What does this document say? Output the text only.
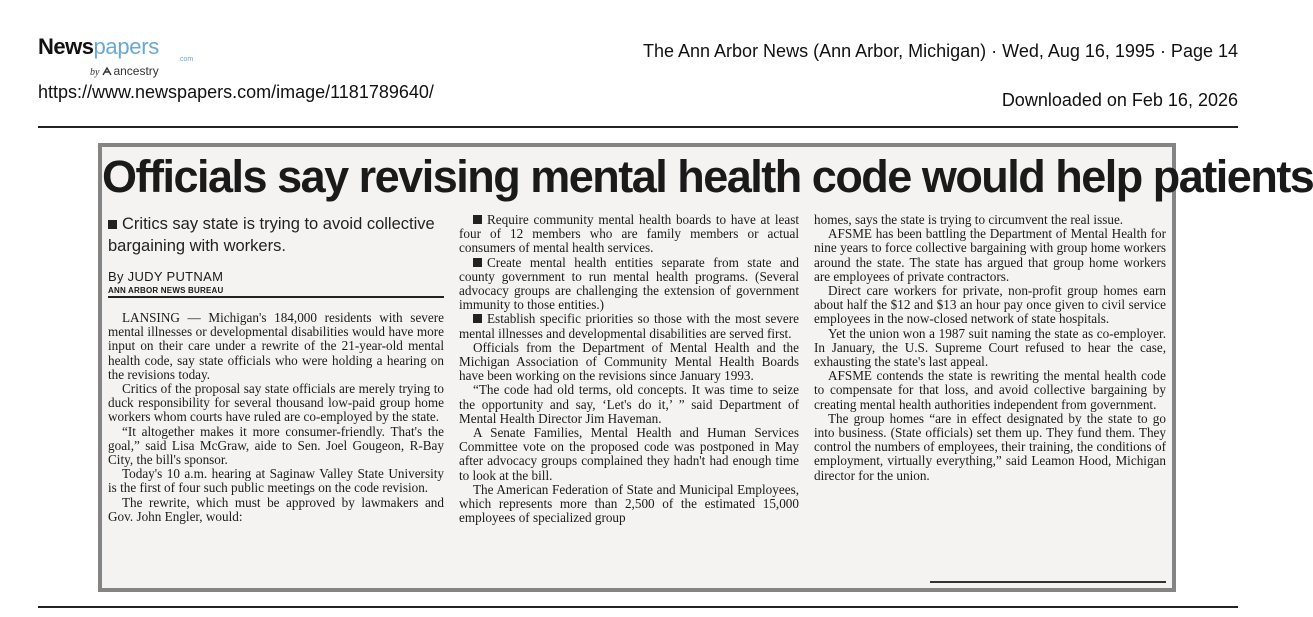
Newspapers
.com
by ancestry
https://www.newspapers.com/image/1181789640/
The Ann Arbor News (Ann Arbor, Michigan) · Wed, Aug 16, 1995 · Page 14
Downloaded on Feb 16, 2026
Officials say revising mental health code would help patients
Critics say state is trying to avoid collective bargaining with workers.

By JUDY PUTNAM

ANN ARBOR NEWS BUREAU

LANSING — Michigan's 184,000 residents with severe mental illnesses or developmental disabilities would have more input on their care under a rewrite of the 21-year-old mental health code, say state officials who were holding a hearing on the revisions today.

Critics of the proposal say state officials are merely trying to duck responsibility for several thousand low-paid group home workers whom courts have ruled are co-employed by the state.

“It altogether makes it more consumer-friendly. That's the goal,” said Lisa McGraw, aide to Sen. Joel Gougeon, R-Bay City, the bill's sponsor.

Today's 10 a.m. hearing at Saginaw Valley State University is the first of four such public meetings on the code revision.

The rewrite, which must be approved by lawmakers and Gov. John Engler, would:

Require community mental health boards to have at least four of 12 members who are family members or actual consumers of mental health services.

Create mental health entities separate from state and county government to run mental health programs. (Several advocacy groups are challenging the extension of government immunity to those entities.)

Establish specific priorities so those with the most severe mental illnesses and developmental disabilities are served first.

Officials from the Department of Mental Health and the Michigan Association of Community Mental Health Boards have been working on the revisions since January 1993.

“The code had old terms, old concepts. It was time to seize the opportunity and say, ‘Let's do it,’ ” said Department of Mental Health Director Jim Haveman.

A Senate Families, Mental Health and Human Services Committee vote on the proposed code was postponed in May after advocacy groups complained they hadn't had enough time to look at the bill.

The American Federation of State and Municipal Employees, which represents more than 2,500 of the estimated 15,000 employees of specialized group

homes, says the state is trying to circumvent the real issue.

AFSME has been battling the Department of Mental Health for nine years to force collective bargaining with group home workers around the state. The state has argued that group home workers are employees of private contractors.

Direct care workers for private, non-profit group homes earn about half the $12 and $13 an hour pay once given to civil service employees in the now-closed network of state hospitals.

Yet the union won a 1987 suit naming the state as co-employer. In January, the U.S. Supreme Court refused to hear the case, exhausting the state's last appeal.

AFSME contends the state is rewriting the mental health code to compensate for that loss, and avoid collective bargaining by creating mental health authorities independent from government.

The group homes “are in effect designated by the state to go into business. (State officials) set them up. They fund them. They control the numbers of employees, their training, the conditions of employment, virtually everything,” said Leamon Hood, Michigan director for the union.
